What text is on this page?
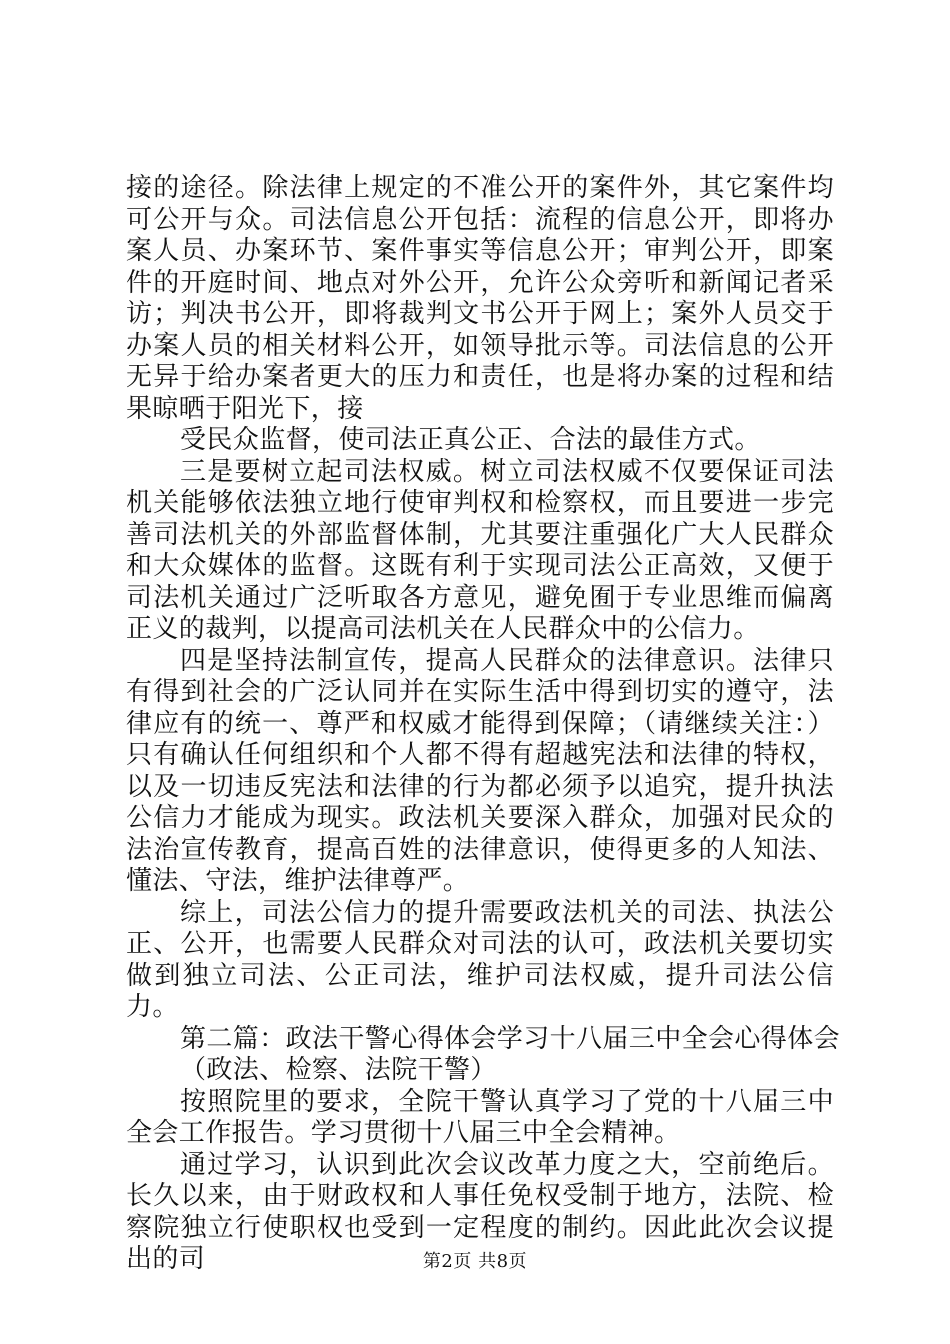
接的途径。除法律上规定的不准公开的案件外，其它案件均可公开与众。司法信息公开包括：流程的信息公开，即将办案人员、办案环节、案件事实等信息公开；审判公开，即案件的开庭时间、地点对外公开，允许公众旁听和新闻记者采访；判决书公开，即将裁判文书公开于网上；案外人员交于办案人员的相关材料公开，如领导批示等。司法信息的公开无异于给办案者更大的压力和责任，也是将办案的过程和结果晾晒于阳光下，接

受民众监督，使司法正真公正、合法的最佳方式。

三是要树立起司法权威。树立司法权威不仅要保证司法机关能够依法独立地行使审判权和检察权，而且要进一步完善司法机关的外部监督体制，尤其要注重强化广大人民群众和大众媒体的监督。这既有利于实现司法公正高效，又便于司法机关通过广泛听取各方意见，避免囿于专业思维而偏离正义的裁判，以提高司法机关在人民群众中的公信力。

四是坚持法制宣传，提高人民群众的法律意识。法律只有得到社会的广泛认同并在实际生活中得到切实的遵守，法律应有的统一、尊严和权威才能得到保障；（请继续关注：）只有确认任何组织和个人都不得有超越宪法和法律的特权，以及一切违反宪法和法律的行为都必须予以追究，提升执法公信力才能成为现实。政法机关要深入群众，加强对民众的法治宣传教育，提高百姓的法律意识，使得更多的人知法、懂法、守法，维护法律尊严。

综上，司法公信力的提升需要政法机关的司法、执法公正、公开，也需要人民群众对司法的认可，政法机关要切实做到独立司法、公正司法，维护司法权威，提升司法公信力。

第二篇：政法干警心得体会学习十八届三中全会心得体会

（政法、检察、法院干警）

按照院里的要求，全院干警认真学习了党的十八届三中全会工作报告。学习贯彻十八届三中全会精神。

通过学习，认识到此次会议改革力度之大，空前绝后。长久以来，由于财政权和人事任免权受制于地方，法院、检察院独立行使职权也受到一定程度的制约。因此此次会议提出的司	第2页 共8页
